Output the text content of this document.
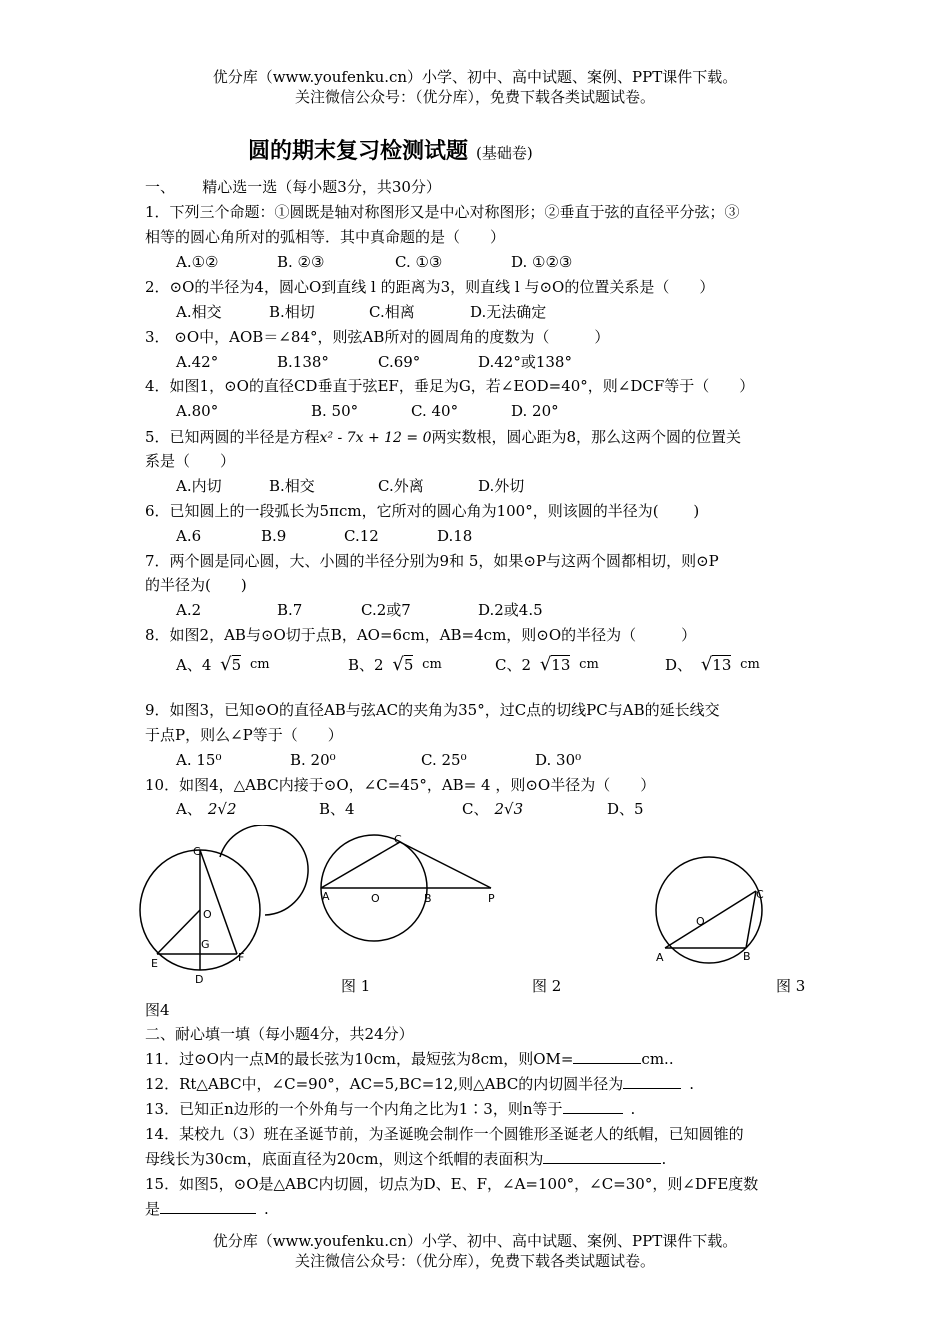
优分库（www.youfenku.cn）小学、初中、高中试题、案例、PPT课件下载。
关注微信公众号：（优分库），免费下载各类试题试卷。
圆的期末复习检测试题 (基础卷)
一、　　 精心选一选（每小题3分，共30分）
1．下列三个命题：①圆既是轴对称图形又是中心对称图形；②垂直于弦的直径平分弦；③
相等的圆心角所对的弧相等．其中真命题的是（　　）
A.①②	B. ②③	C. ①③	D. ①②③
2．⊙O的半径为4，圆心O到直线 l 的距离为3，则直线 l 与⊙O的位置关系是（　　）
A.相交	B.相切	C.相离	D.无法确定
3． ⊙O中，AOB＝∠84°，则弦AB所对的圆周角的度数为（　　　）
A.42°	B.138°	C.69°	D.42°或138°
4．如图1，⊙O的直径CD垂直于弦EF，垂足为G，若∠EOD=40°，则∠DCF等于（　　）
A.80°	B. 50°	C. 40°	D. 20°
5．已知两圆的半径是方程x² - 7x + 12 = 0两实数根，圆心距为8，那么这两个圆的位置关
系是（　　）
A.内切	B.相交	C.外离	D.外切
6．已知圆上的一段弧长为5πcm，它所对的圆心角为100°，则该圆的半径为(　　 )
A.6	B.9	C.12	D.18
7．两个圆是同心圆，大、小圆的半径分别为9和 5，如果⊙P与这两个圆都相切，则⊙P
的半径为(　　)
A.2	B.7	C.2或7	D.2或4.5
8．如图2，AB与⊙O切于点B，AO=6cm，AB=4cm，则⊙O的半径为（　　　）
A、4 √5 cm	B、2 √5 cm	C、2 √13 cm	D、 √13 cm
9．如图3，已知⊙O的直径AB与弦AC的夹角为35°，过C点的切线PC与AB的延长线交
于点P，则么∠P等于（　　）
A. 15⁰	B. 20⁰	C. 25⁰	D. 30⁰
10．如图4，△ABC内接于⊙O，∠C=45°，AB= 4 ，则⊙O半径为（　　）
A、 2√2	B、4	C、 2√3	D、5
C
O
G
E	F
D
C
A	O	B	P
O
C
A	B
图 1	图 2	图 3
图4
二、耐心填一填（每小题4分，共24分）
11．过⊙O内一点M的最长弦为10cm，最短弦为8cm，则OM=	cm..
12．Rt△ABC中，∠C=90°，AC=5,BC=12,则△ABC的内切圆半径为	.
13．已知正n边形的一个外角与一个内角之比为1∶3，则n等于	.
14．某校九（3）班在圣诞节前，为圣诞晚会制作一个圆锥形圣诞老人的纸帽，已知圆锥的
母线长为30cm，底面直径为20cm，则这个纸帽的表面积为	.
15．如图5，⊙O是△ABC内切圆，切点为D、E、F，∠A=100°，∠C=30°，则∠DFE度数
是	.
优分库（www.youfenku.cn）小学、初中、高中试题、案例、PPT课件下载。
关注微信公众号：（优分库），免费下载各类试题试卷。
